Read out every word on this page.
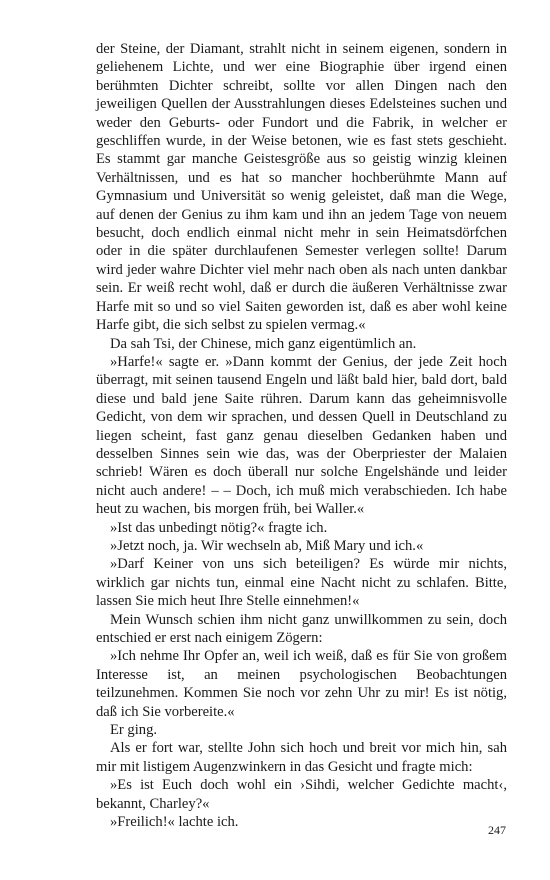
der Steine, der Diamant, strahlt nicht in seinem eigenen, sondern in geliehenem Lichte, und wer eine Biographie über irgend einen berühmten Dichter schreibt, sollte vor allen Dingen nach den jeweiligen Quellen der Ausstrahlungen dieses Edelsteines suchen und weder den Geburts- oder Fundort und die Fabrik, in welcher er geschliffen wurde, in der Weise betonen, wie es fast stets geschieht. Es stammt gar manche Geistesgröße aus so geistig winzig kleinen Verhältnissen, und es hat so mancher hochberühmte Mann auf Gymnasium und Universität so wenig geleistet, daß man die Wege, auf denen der Genius zu ihm kam und ihn an jedem Tage von neuem besucht, doch endlich einmal nicht mehr in sein Heimatsdörfchen oder in die später durchlaufenen Semester verlegen sollte! Darum wird jeder wahre Dichter viel mehr nach oben als nach unten dankbar sein. Er weiß recht wohl, daß er durch die äußeren Verhältnisse zwar Harfe mit so und so viel Saiten geworden ist, daß es aber wohl keine Harfe gibt, die sich selbst zu spielen vermag.«

Da sah Tsi, der Chinese, mich ganz eigentümlich an.

»Harfe!« sagte er. »Dann kommt der Genius, der jede Zeit hoch überragt, mit seinen tausend Engeln und läßt bald hier, bald dort, bald diese und bald jene Saite rühren. Darum kann das geheimnisvolle Gedicht, von dem wir sprachen, und dessen Quell in Deutschland zu liegen scheint, fast ganz genau dieselben Gedanken haben und desselben Sinnes sein wie das, was der Oberpriester der Malaien schrieb! Wären es doch überall nur solche Engelshände und leider nicht auch andere! – – Doch, ich muß mich verabschieden. Ich habe heut zu wachen, bis morgen früh, bei Waller.«

»Ist das unbedingt nötig?« fragte ich.

»Jetzt noch, ja. Wir wechseln ab, Miß Mary und ich.«

»Darf Keiner von uns sich beteiligen? Es würde mir nichts, wirklich gar nichts tun, einmal eine Nacht nicht zu schlafen. Bitte, lassen Sie mich heut Ihre Stelle einnehmen!«

Mein Wunsch schien ihm nicht ganz unwillkommen zu sein, doch entschied er erst nach einigem Zögern:

»Ich nehme Ihr Opfer an, weil ich weiß, daß es für Sie von großem Interesse ist, an meinen psychologischen Beobachtungen teilzunehmen. Kommen Sie noch vor zehn Uhr zu mir! Es ist nötig, daß ich Sie vorbereite.«

Er ging.

Als er fort war, stellte John sich hoch und breit vor mich hin, sah mir mit listigem Augenzwinkern in das Gesicht und fragte mich:

»Es ist Euch doch wohl ein ›Sihdi, welcher Gedichte macht‹, bekannt, Charley?«

»Freilich!« lachte ich.	247
